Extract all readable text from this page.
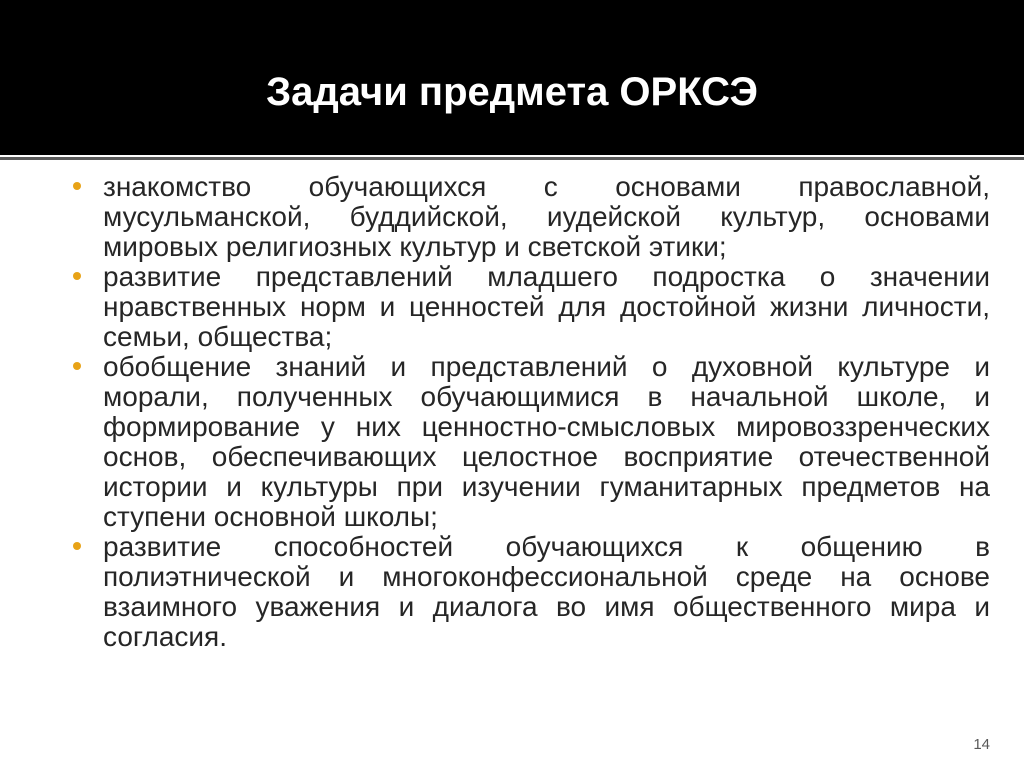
Задачи предмета ОРКСЭ
знакомство обучающихся с основами православной,
мусульманской, буддийской, иудейской культур, основами
мировых религиозных культур и светской этики;
развитие представлений младшего подростка о значении
нравственных норм и ценностей для достойной жизни личности,
семьи, общества;
обобщение знаний и представлений о духовной культуре и
морали, полученных обучающимися в начальной школе, и
формирование у них ценностно-смысловых мировоззренческих
основ, обеспечивающих целостное восприятие отечественной
истории и культуры при изучении гуманитарных предметов на
ступени основной школы;
развитие способностей обучающихся к общению в
полиэтнической и многоконфессиональной среде на основе
взаимного уважения и диалога во имя общественного мира и
согласия.
14
